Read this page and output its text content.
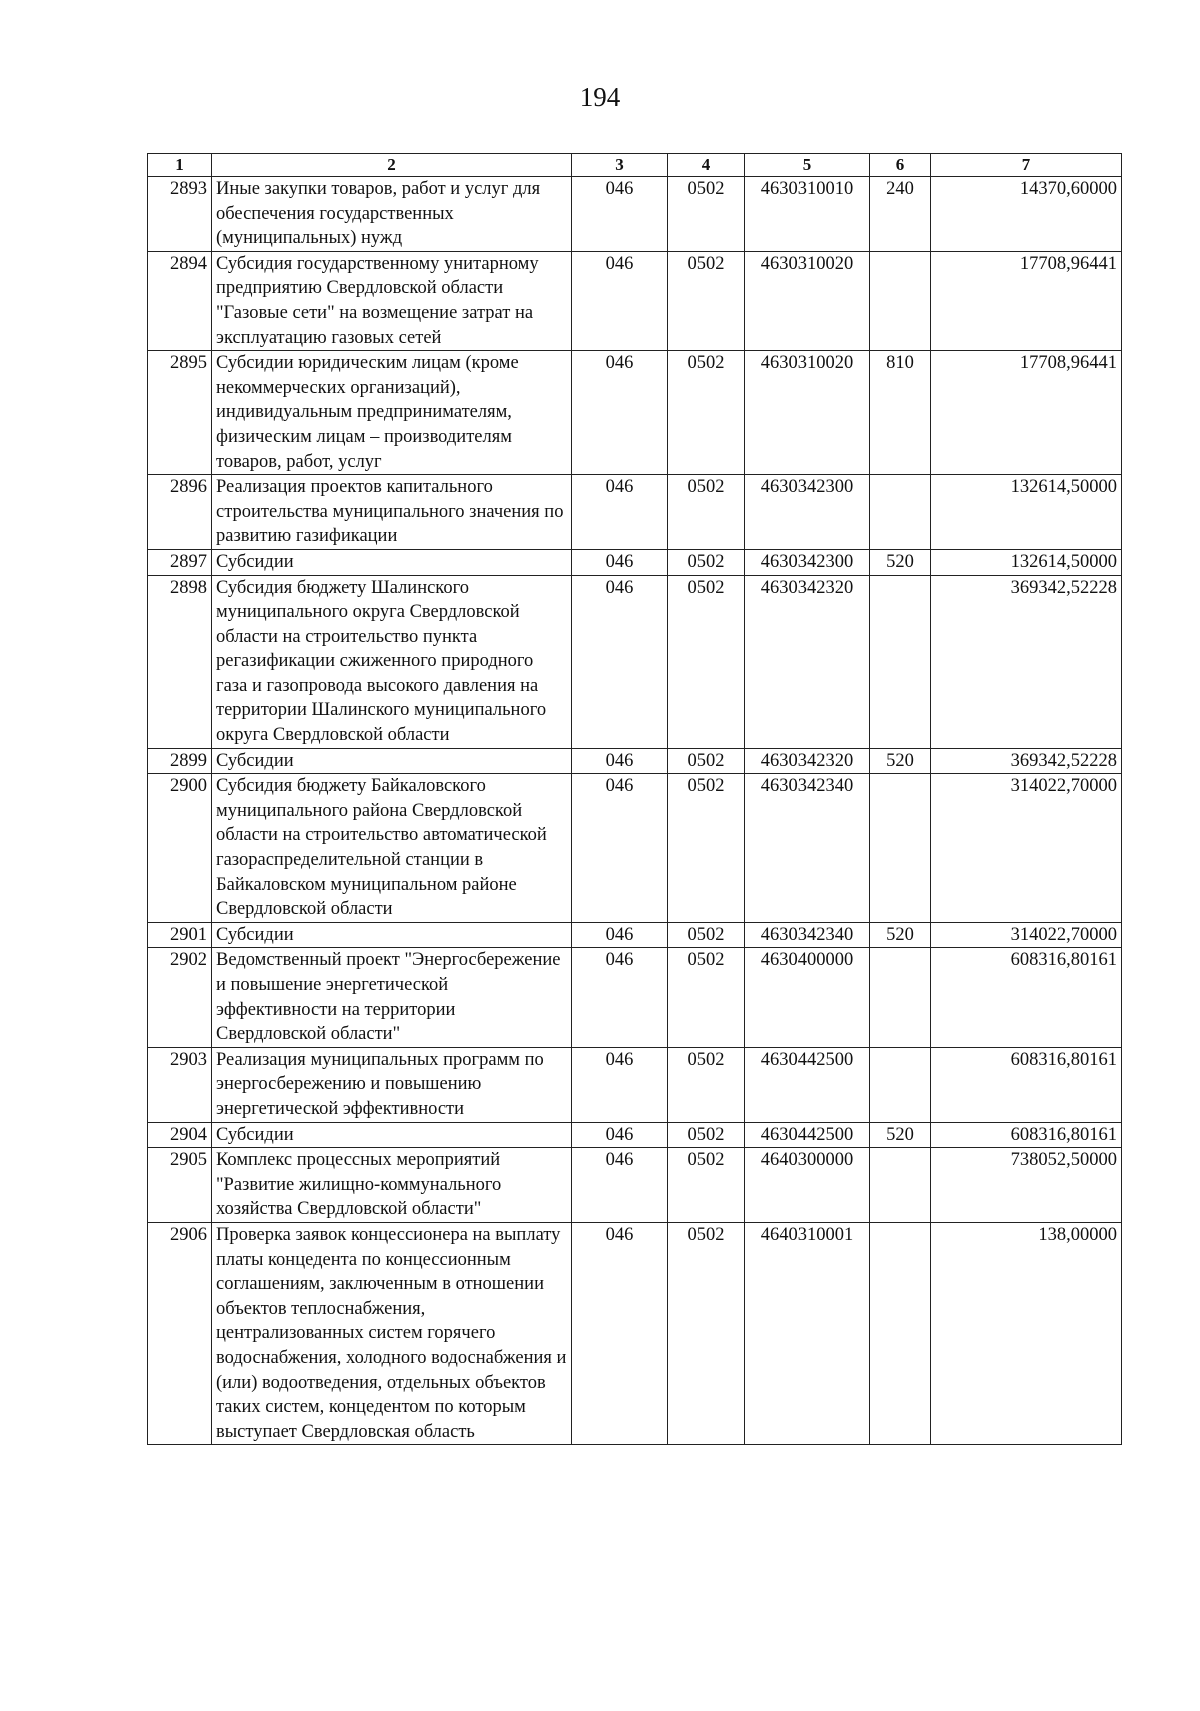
194
1	2	3	4	5	6	7
2893	Иные закупки товаров, работ и услуг для обеспечения государственных (муниципальных) нужд	046	0502	4630310010	240	14370,60000
2894	Субсидия государственному унитарному предприятию Свердловской области "Газовые сети" на возмещение затрат на эксплуатацию газовых сетей	046	0502	4630310020		17708,96441
2895	Субсидии юридическим лицам (кроме некоммерческих организаций), индивидуальным предпринимателям, физическим лицам – производителям товаров, работ, услуг	046	0502	4630310020	810	17708,96441
2896	Реализация проектов капитального строительства муниципального значения по развитию газификации	046	0502	4630342300		132614,50000
2897	Субсидии	046	0502	4630342300	520	132614,50000
2898	Субсидия бюджету Шалинского муниципального округа Свердловской области на строительство пункта регазификации сжиженного природного газа и газопровода высокого давления на территории Шалинского муниципального округа Свердловской области	046	0502	4630342320		369342,52228
2899	Субсидии	046	0502	4630342320	520	369342,52228
2900	Субсидия бюджету Байкаловского муниципального района Свердловской области на строительство автоматической газораспределительной станции в Байкаловском муниципальном районе Свердловской области	046	0502	4630342340		314022,70000
2901	Субсидии	046	0502	4630342340	520	314022,70000
2902	Ведомственный проект "Энергосбережение и повышение энергетической эффективности на территории Свердловской области"	046	0502	4630400000		608316,80161
2903	Реализация муниципальных программ по энергосбережению и повышению энергетической эффективности	046	0502	4630442500		608316,80161
2904	Субсидии	046	0502	4630442500	520	608316,80161
2905	Комплекс процессных мероприятий "Развитие жилищно-коммунального хозяйства Свердловской области"	046	0502	4640300000		738052,50000
2906	Проверка заявок концессионера на выплату платы концедента по концессионным соглашениям, заключенным в отношении объектов теплоснабжения, централизованных систем горячего водоснабжения, холодного водоснабжения и (или) водоотведения, отдельных объектов таких систем, концедентом по которым выступает Свердловская область	046	0502	4640310001		138,00000
